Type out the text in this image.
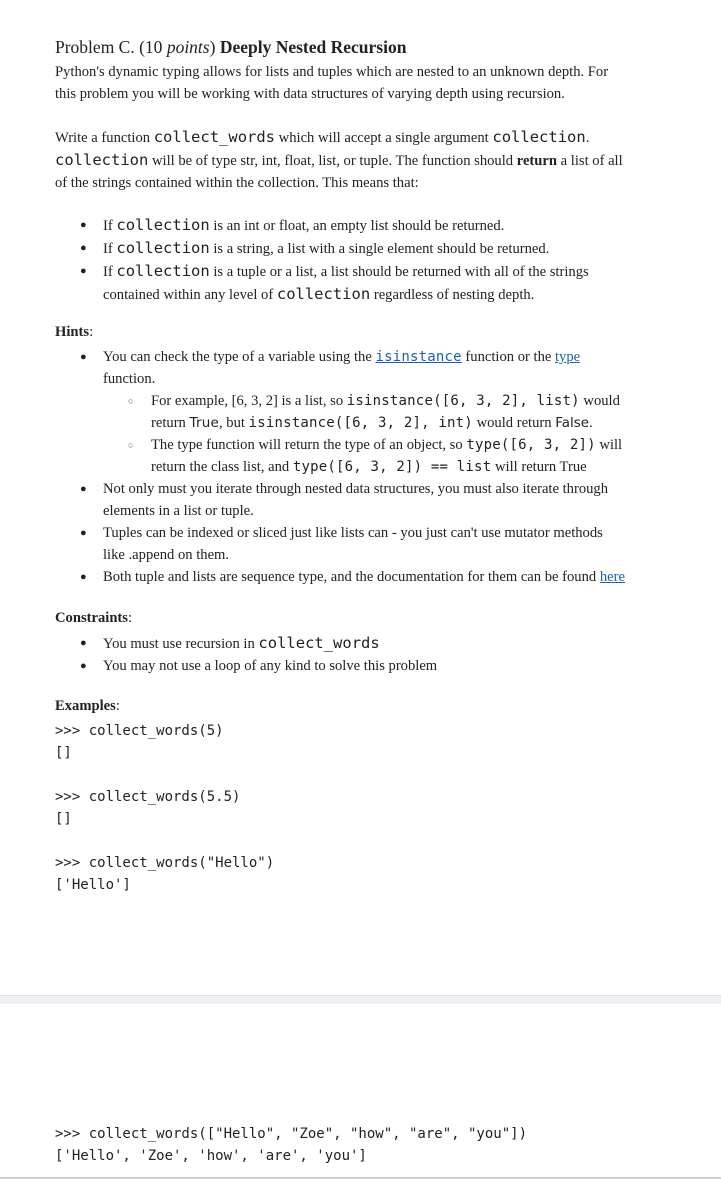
Problem C. (10 points) Deeply Nested Recursion

Python's dynamic typing allows for lists and tuples which are nested to an unknown depth. For

this problem you will be working with data structures of varying depth using recursion.

Write a function collect_words which will accept a single argument collection.

collection will be of type str, int, float, list, or tuple. The function should return a list of all

of the strings contained within the collection. This means that:

● If collection is an int or float, an empty list should be returned.
● If collection is a string, a list with a single element should be returned.
● If collection is a tuple or a list, a list should be returned with all of the strings
contained within any level of collection regardless of nesting depth.
Hints:
● You can check the type of a variable using the isinstance function or the type
function.
○ For example, [6, 3, 2] is a list, so isinstance([6, 3, 2], list) would
return True, but isinstance([6, 3, 2], int) would return False.
○ The type function will return the type of an object, so type([6, 3, 2]) will
return the class list, and type([6, 3, 2]) == list will return True
● Not only must you iterate through nested data structures, you must also iterate through
elements in a list or tuple.
● Tuples can be indexed or sliced just like lists can - you just can't use mutator methods
like .append on them.
● Both tuple and lists are sequence type, and the documentation for them can be found here
Constraints:
● You must use recursion in collect_words
● You may not use a loop of any kind to solve this problem
Examples:
>>> collect_words(5)
[]
>>> collect_words(5.5)
[]
>>> collect_words("Hello")
['Hello']
>>> collect_words(["Hello", "Zoe", "how", "are", "you"])
['Hello', 'Zoe', 'how', 'are', 'you']
